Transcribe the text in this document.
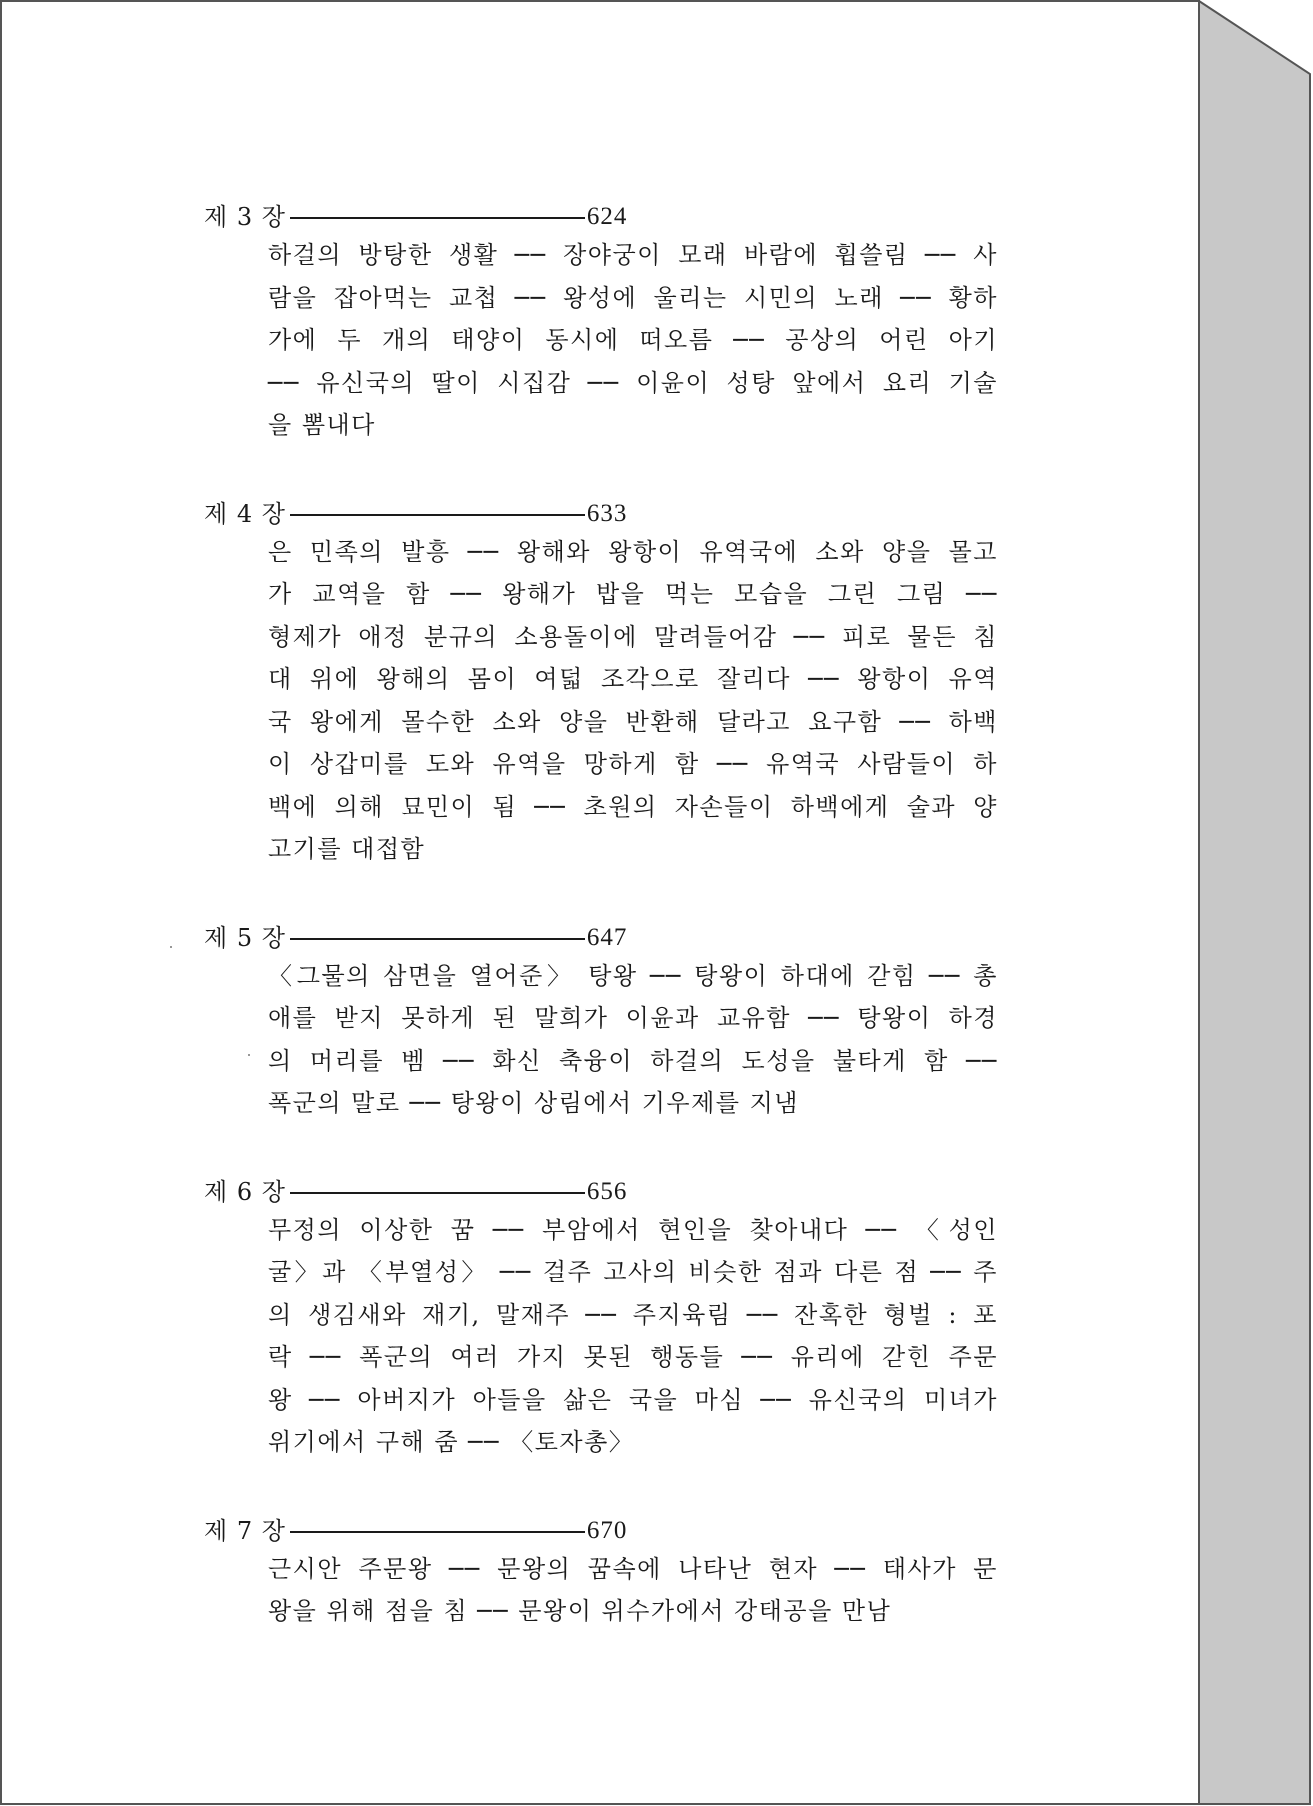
제 3 장	624
하걸의 방탕한 생활 ── 장야궁이 모래 바람에 휩쓸림 ── 사
람을 잡아먹는 교첩 ── 왕성에 울리는 시민의 노래 ── 황하
가에 두 개의 태양이 동시에 떠오름 ── 공상의 어린 아기
── 유신국의 딸이 시집감 ── 이윤이 성탕 앞에서 요리 기술
을 뽐내다
제 4 장	633
은 민족의 발흥 ── 왕해와 왕항이 유역국에 소와 양을 몰고
가 교역을 함 ── 왕해가 밥을 먹는 모습을 그린 그림 ──
형제가 애정 분규의 소용돌이에 말려들어감 ── 피로 물든 침
대 위에 왕해의 몸이 여덟 조각으로 잘리다 ── 왕항이 유역
국 왕에게 몰수한 소와 양을 반환해 달라고 요구함 ── 하백
이 상갑미를 도와 유역을 망하게 함 ── 유역국 사람들이 하
백에 의해 묘민이 됨 ── 초원의 자손들이 하백에게 술과 양
고기를 대접함
제 5 장	647
〈그물의 삼면을 열어준〉 탕왕 ── 탕왕이 하대에 갇힘 ── 총
애를 받지 못하게 된 말희가 이윤과 교유함 ── 탕왕이 하경
의 머리를 벰 ── 화신 축융이 하걸의 도성을 불타게 함 ──
폭군의 말로 ── 탕왕이 상림에서 기우제를 지냄
제 6 장	656
무정의 이상한 꿈 ── 부암에서 현인을 찾아내다 ── 〈성인
굴〉과 〈부열성〉 ── 걸주 고사의 비슷한 점과 다른 점 ── 주
의 생김새와 재기, 말재주 ── 주지육림 ── 잔혹한 형벌 : 포
락 ── 폭군의 여러 가지 못된 행동들 ── 유리에 갇힌 주문
왕 ── 아버지가 아들을 삶은 국을 마심 ── 유신국의 미녀가
위기에서 구해 줌 ── 〈토자총〉
제 7 장	670
근시안 주문왕 ── 문왕의 꿈속에 나타난 현자 ── 태사가 문
왕을 위해 점을 침 ── 문왕이 위수가에서 강태공을 만남
